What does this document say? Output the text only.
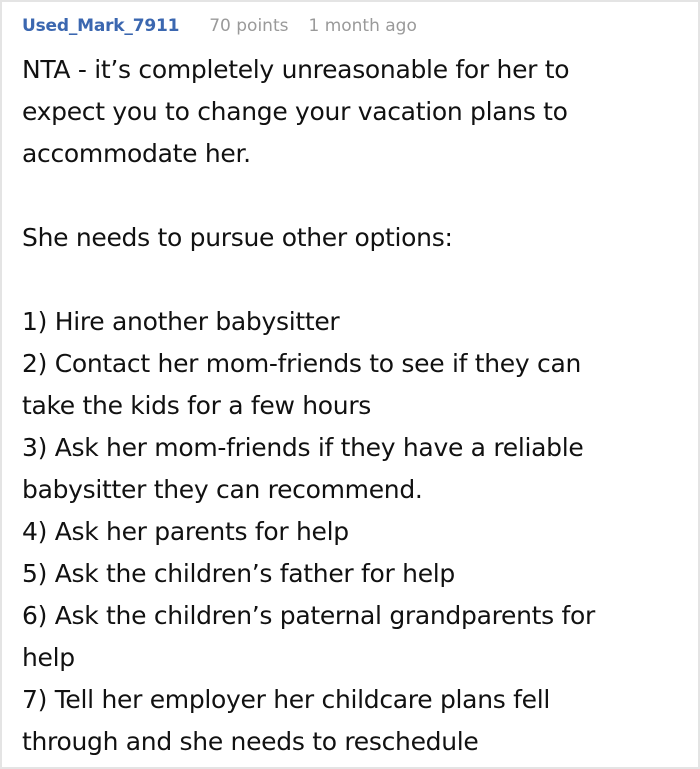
Used_Mark_7911 70 points 1 month ago
NTA - it’s completely unreasonable for her to
expect you to change your vacation plans to
accommodate her.
She needs to pursue other options:
1) Hire another babysitter
2) Contact her mom-friends to see if they can
take the kids for a few hours
3) Ask her mom-friends if they have a reliable
babysitter they can recommend.
4) Ask her parents for help
5) Ask the children’s father for help
6) Ask the children’s paternal grandparents for
help
7) Tell her employer her childcare plans fell
through and she needs to reschedule
